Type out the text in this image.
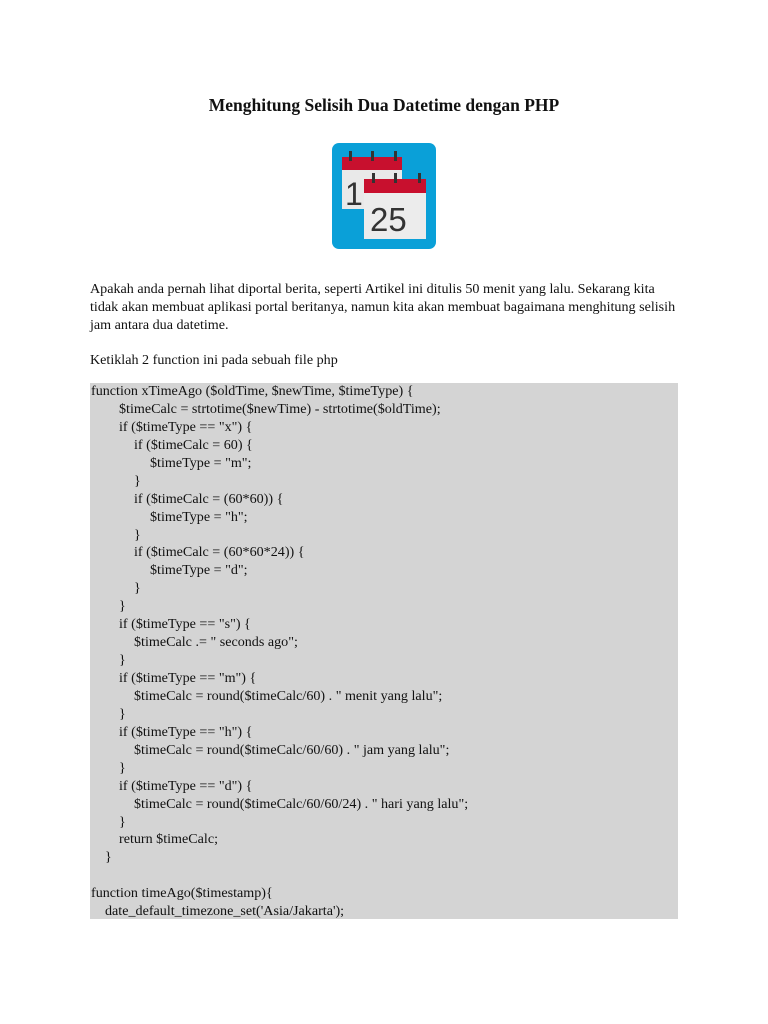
Menghitung Selisih Dua Datetime dengan PHP
1
25

Apakah anda pernah lihat diportal berita, seperti Artikel ini ditulis 50 menit yang lalu. Sekarang kita tidak akan membuat aplikasi portal beritanya, namun kita akan membuat bagaimana menghitung selisih jam antara dua datetime.

Ketiklah 2 function ini pada sebuah file php

function xTimeAgo ($oldTime, $newTime, $timeType) {
$timeCalc = strtotime($newTime) - strtotime($oldTime);
if ($timeType == "x") {
if ($timeCalc = 60) {
$timeType = "m";
}
if ($timeCalc = (60*60)) {
$timeType = "h";
}
if ($timeCalc = (60*60*24)) {
$timeType = "d";
}
}
if ($timeType == "s") {
$timeCalc .= " seconds ago";
}
if ($timeType == "m") {
$timeCalc = round($timeCalc/60) . " menit yang lalu";
}
if ($timeType == "h") {
$timeCalc = round($timeCalc/60/60) . " jam yang lalu";
}
if ($timeType == "d") {
$timeCalc = round($timeCalc/60/60/24) . " hari yang lalu";
}
return $timeCalc;
}
function timeAgo($timestamp){
date_default_timezone_set('Asia/Jakarta');
